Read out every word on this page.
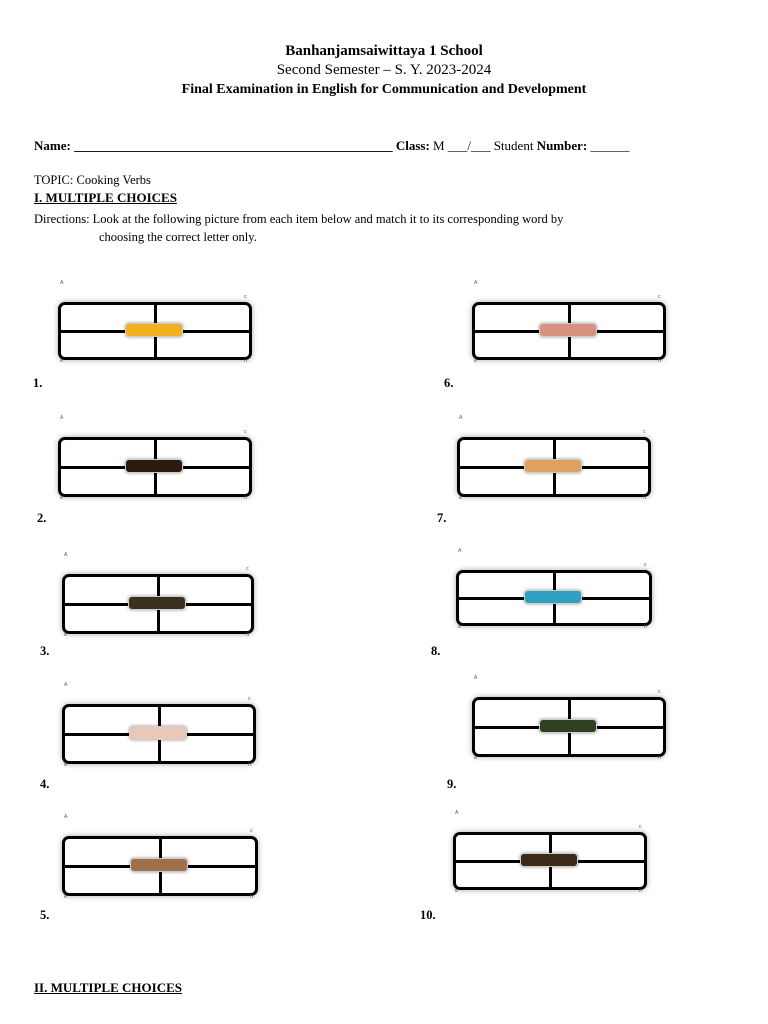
Banhanjamsaiwittaya 1 School
Second Semester – S. Y. 2023-2024
Final Examination in English for Communication and Development
Name: _________________________________________________ Class: M ___/___ Student Number: ______
TOPIC: Cooking Verbs
I. MULTIPLE CHOICES
Directions: Look at the following picture from each item below and match it to its corresponding word by
choosing the correct letter only.
1.
A
c
e	h
2.
A
c
e	h
3.
A
c
e	h
4.
A
c
e	h
5.
A
c
e	h
6.
A
c
e	h
7.
A
c
e	h
8.
A
c
e	h
9.
A
c
e	h
10.
A
c
e	h
II. MULTIPLE CHOICES
